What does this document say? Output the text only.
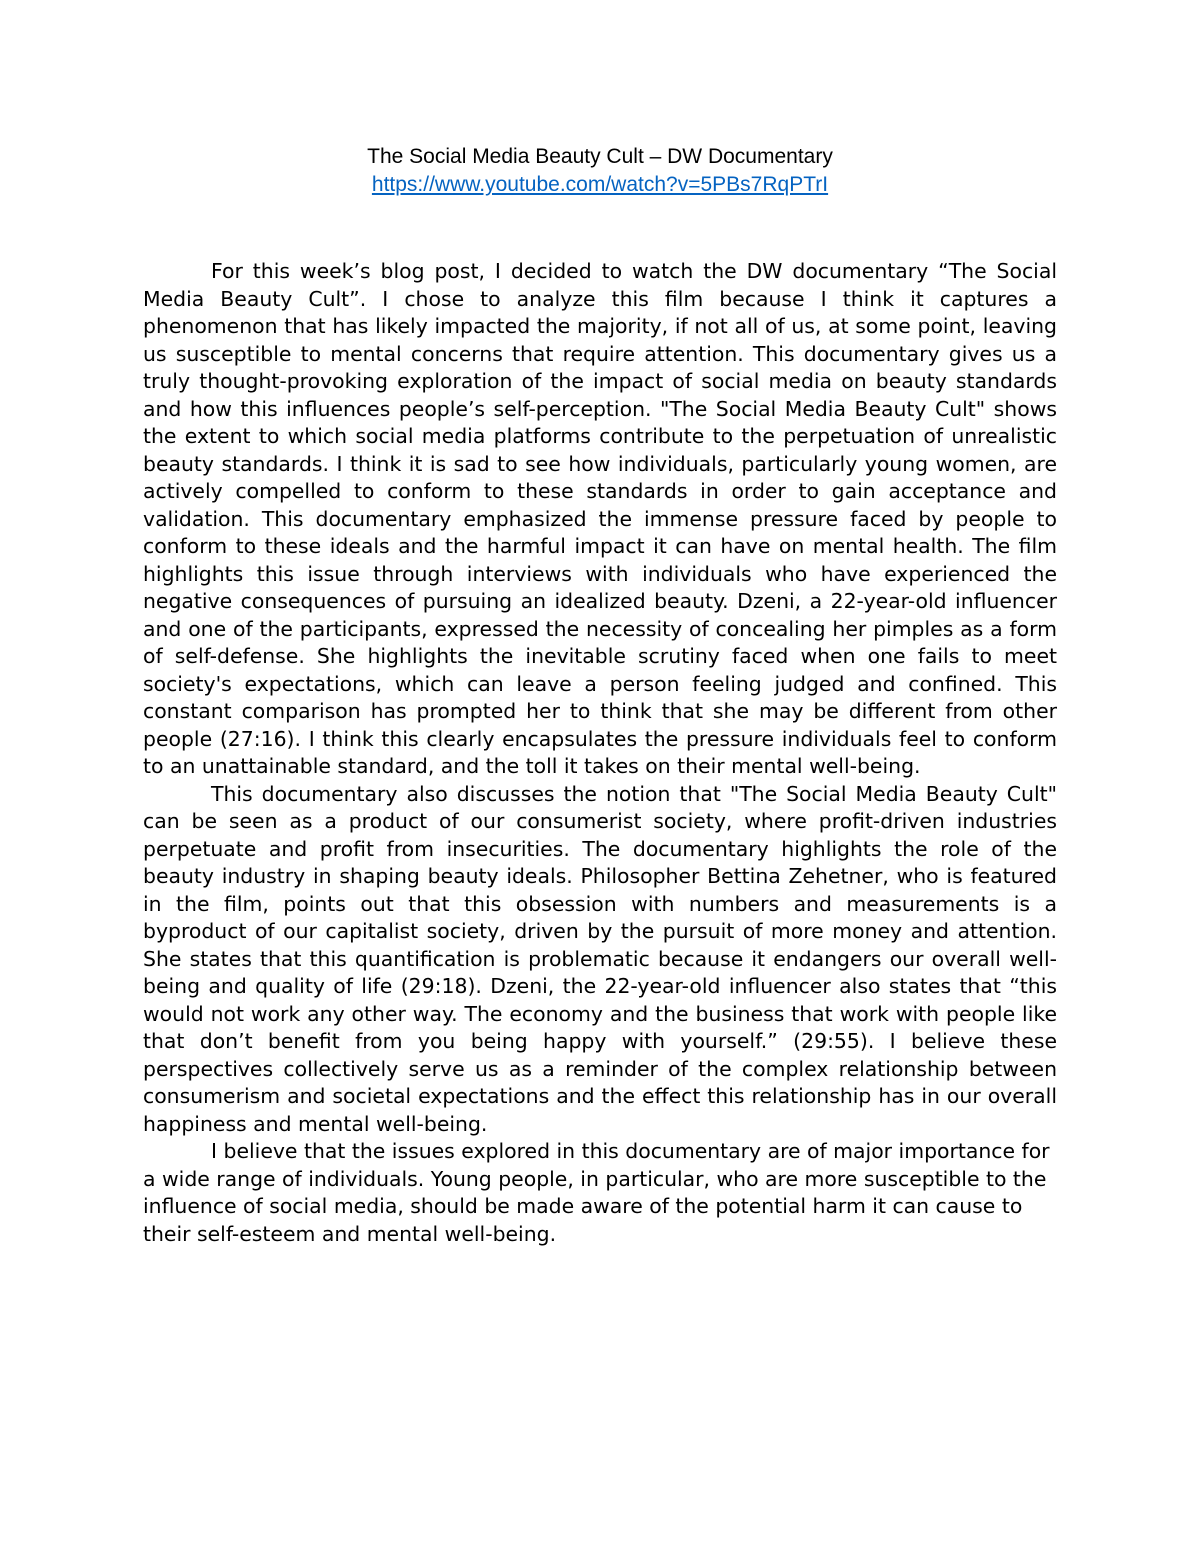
The Social Media Beauty Cult – DW Documentary
https://www.youtube.com/watch?v=5PBs7RqPTrI

For this week’s blog post, I decided to watch the DW documentary “The Social Media Beauty Cult”. I chose to analyze this film because I think it captures a phenomenon that has likely impacted the majority, if not all of us, at some point, leaving us susceptible to mental concerns that require attention. This documentary gives us a truly thought-provoking exploration of the impact of social media on beauty standards and how this influences people’s self-perception. "The Social Media Beauty Cult" shows the extent to which social media platforms contribute to the perpetuation of unrealistic beauty standards. I think it is sad to see how individuals, particularly young women, are actively compelled to conform to these standards in order to gain acceptance and validation. This documentary emphasized the immense pressure faced by people to conform to these ideals and the harmful impact it can have on mental health. The film highlights this issue through interviews with individuals who have experienced the negative consequences of pursuing an idealized beauty. Dzeni, a 22-year-old influencer and one of the participants, expressed the necessity of concealing her pimples as a form of self-defense. She highlights the inevitable scrutiny faced when one fails to meet society's expectations, which can leave a person feeling judged and confined. This constant comparison has prompted her to think that she may be different from other people (27:16). I think this clearly encapsulates the pressure individuals feel to conform to an unattainable standard, and the toll it takes on their mental well-being.

This documentary also discusses the notion that "The Social Media Beauty Cult" can be seen as a product of our consumerist society, where profit-driven industries perpetuate and profit from insecurities. The documentary highlights the role of the beauty industry in shaping beauty ideals. Philosopher Bettina Zehetner, who is featured in the film, points out that this obsession with numbers and measurements is a byproduct of our capitalist society, driven by the pursuit of more money and attention. She states that this quantification is problematic because it endangers our overall well-being and quality of life (29:18). Dzeni, the 22-year-old influencer also states that “this would not work any other way. The economy and the business that work with people like that don’t benefit from you being happy with yourself.” (29:55). I believe these perspectives collectively serve us as a reminder of the complex relationship between consumerism and societal expectations and the effect this relationship has in our overall happiness and mental well-being.

I believe that the issues explored in this documentary are of major importance for a wide range of individuals. Young people, in particular, who are more susceptible to the influence of social media, should be made aware of the potential harm it can cause to their self-esteem and mental well-being.
